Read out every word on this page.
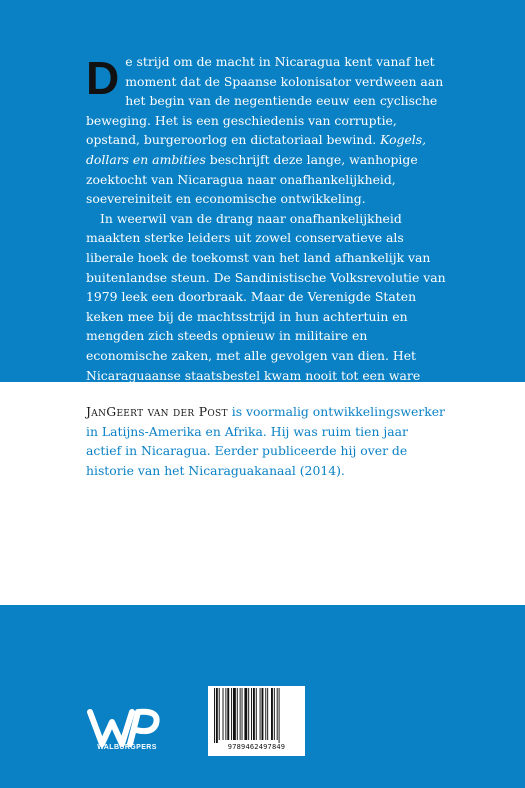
De strijd om de macht in Nicaragua kent vanaf het moment dat de Spaanse kolonisator verdween aan het begin van de negentiende eeuw een cyclische beweging. Het is een geschiedenis van corruptie, opstand, burgeroorlog en dictatoriaal bewind. Kogels, dollars en ambities beschrijft deze lange, wanhopige zoektocht van Nicaragua naar onafhankelijkheid, soevereiniteit en economische ontwikkeling.

In weerwil van de drang naar onafhankelijkheid maakten sterke leiders uit zowel conservatieve als liberale hoek de toekomst van het land afhankelijk van buitenlandse steun. De Sandinistische Volksrevolutie van 1979 leek een doorbraak. Maar de Verenigde Staten keken mee bij de machtsstrijd in hun achtertuin en mengden zich steeds opnieuw in militaire en economische zaken, met alle gevolgen van dien. Het Nicaraguaanse staatsbestel kwam nooit tot een ware democratische ontwikkeling.

JanGeert van der Post is voormalig ontwikkelingswerker in Latijns-Amerika en Afrika. Hij was ruim tien jaar actief in Nicaragua. Eerder publiceerde hij over de historie van het Nicaraguakanaal (2014).

WALBURGPERS	9789462497849
